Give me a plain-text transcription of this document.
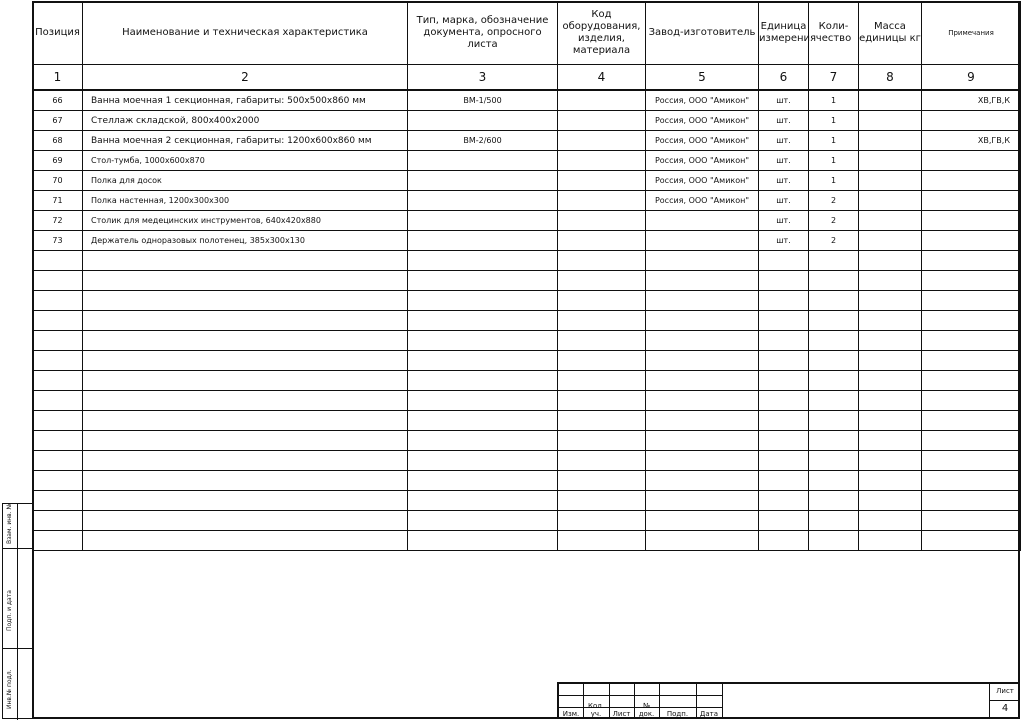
Позиция	Наименование и техническая характеристика	Тип, марка, обозначение документа, опросного листа	Код оборудования, изделия, материала	Завод-изготовитель	Единица измерения	Коли-чество	Масса единицы кг	Примечания
1	2	3	4	5	6	7	8	9
66	Ванна моечная 1 секционная, габариты: 500х500х860 мм	ВМ-1/500		Россия, ООО "Амикон"	шт.	1		ХВ,ГВ,К
67	Стеллаж складской, 800х400х2000			Россия, ООО "Амикон"	шт.	1		
68	Ванна моечная 2 секционная, габариты: 1200х600х860 мм	ВМ-2/600		Россия, ООО "Амикон"	шт.	1		ХВ,ГВ,К
69	Стол-тумба, 1000х600х870			Россия, ООО "Амикон"	шт.	1		
70	Полка для досок			Россия, ООО "Амикон"	шт.	1		
71	Полка настенная, 1200х300х300			Россия, ООО "Амикон"	шт.	2		
72	Столик для медецинских инструментов, 640х420х880				шт.	2		
73	Держатель одноразовых полотенец, 385х300х130				шт.	2		

Взам. инв. №
Подп. и дата
Инв.№ подл.
Изм.
Кол. уч.	Лист
№ док.	Подп.	Дата
Лист
4
